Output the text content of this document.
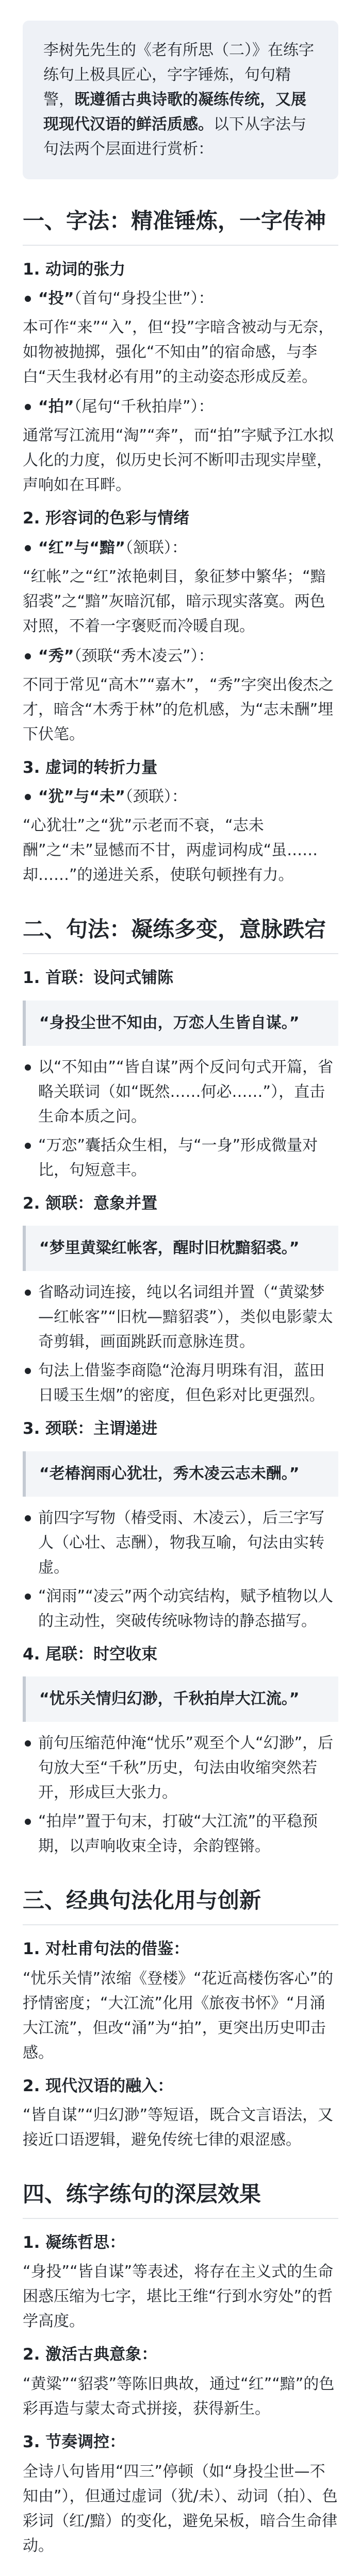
李树先先生的《老有所思（二）》在练字练句上极具匠心，字字锤炼，句句精警，既遵循古典诗歌的凝练传统，又展现现代汉语的鲜活质感。以下从字法与句法两个层面进行赏析：
一、字法：精准锤炼，一字传神
1. 动词的张力
“投”（首句“身投尘世”）：
本可作“来”“入”，但“投”字暗含被动与无奈，如物被抛掷，强化“不知由”的宿命感，与李白“天生我材必有用”的主动姿态形成反差。
“拍”（尾句“千秋拍岸”）：
通常写江流用“淘”“奔”，而“拍”字赋予江水拟人化的力度，似历史长河不断叩击现实岸壁，声响如在耳畔。
2. 形容词的色彩与情绪
“红”与“黯”（颔联）：
“红帐”之“红”浓艳刺目，象征梦中繁华；“黯貂裘”之“黯”灰暗沉郁，暗示现实落寞。两色对照，不着一字褒贬而冷暖自现。
“秀”（颈联“秀木凌云”）：
不同于常见“高木”“嘉木”，“秀”字突出俊杰之才，暗含“木秀于林”的危机感，为“志未酬”埋下伏笔。
3. 虚词的转折力量
“犹”与“未”（颈联）：
“心犹壮”之“犹”示老而不衰，“志未酬”之“未”显憾而不甘，两虚词构成“虽……却……”的递进关系，使联句顿挫有力。
二、句法：凝练多变，意脉跌宕
1. 首联：设问式铺陈
“身投尘世不知由，万恋人生皆自谋。”
以“不知由”“皆自谋”两个反问句式开篇，省略关联词（如“既然……何必……”），直击生命本质之问。
“万恋”囊括众生相，与“一身”形成微量对比，句短意丰。
2. 颔联：意象并置
“梦里黄粱红帐客，醒时旧枕黯貂裘。”
省略动词连接，纯以名词组并置（“黄粱梦—红帐客”“旧枕—黯貂裘”），类似电影蒙太奇剪辑，画面跳跃而意脉连贯。
句法上借鉴李商隐“沧海月明珠有泪，蓝田日暖玉生烟”的密度，但色彩对比更强烈。
3. 颈联：主谓递进
“老椿润雨心犹壮，秀木凌云志未酬。”
前四字写物（椿受雨、木凌云），后三字写人（心壮、志酬），物我互喻，句法由实转虚。
“润雨”“凌云”两个动宾结构，赋予植物以人的主动性，突破传统咏物诗的静态描写。
4. 尾联：时空收束
“忧乐关情归幻渺，千秋拍岸大江流。”
前句压缩范仲淹“忧乐”观至个人“幻渺”，后句放大至“千秋”历史，句法由收缩突然若开，形成巨大张力。
“拍岸”置于句末，打破“大江流”的平稳预期，以声响收束全诗，余韵铿锵。
三、经典句法化用与创新
1. 对杜甫句法的借鉴：
“忧乐关情”浓缩《登楼》“花近高楼伤客心”的抒情密度；“大江流”化用《旅夜书怀》“月涌大江流”，但改“涌”为“拍”，更突出历史叩击感。
2. 现代汉语的融入：
“皆自谋”“归幻渺”等短语，既合文言语法，又接近口语逻辑，避免传统七律的艰涩感。
四、练字练句的深层效果
1. 凝练哲思：
“身投”“皆自谋”等表述，将存在主义式的生命困惑压缩为七字，堪比王维“行到水穷处”的哲学高度。
2. 激活古典意象：
“黄粱”“貂裘”等陈旧典故，通过“红”“黯”的色彩再造与蒙太奇式拼接，获得新生。
3. 节奏调控：
全诗八句皆用“四三”停顿（如“身投尘世—不知由”），但通过虚词（犹/未）、动词（拍）、色彩词（红/黯）的变化，避免呆板，暗合生命律动。
